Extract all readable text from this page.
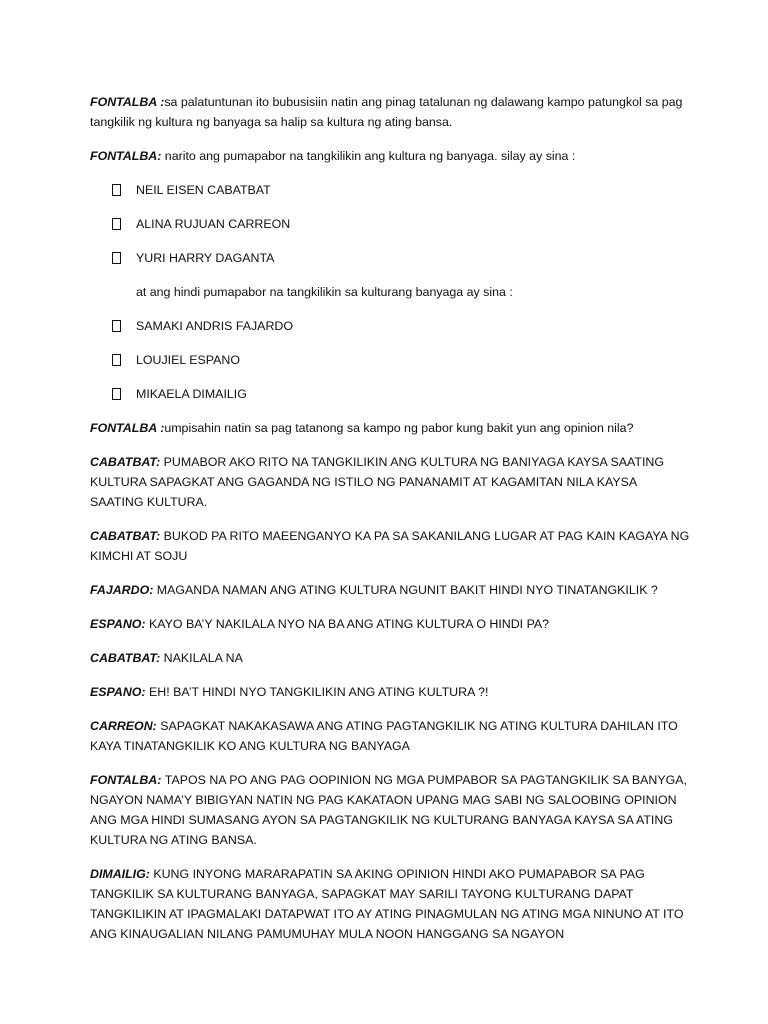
FONTALBA :sa palatuntunan ito bubusisiin natin ang pinag tatalunan ng dalawang kampo patungkol sa pag tangkilik ng kultura ng banyaga sa halip sa kultura ng ating bansa.

FONTALBA: narito ang pumapabor na tangkilikin ang kultura ng banyaga. silay ay sina :

NEIL EISEN CABATBAT
ALINA RUJUAN CARREON
YURI HARRY DAGANTA

at ang hindi pumapabor na tangkilikin sa kulturang banyaga ay sina :

SAMAKI ANDRIS FAJARDO
LOUJIEL ESPANO
MIKAELA DIMAILIG

FONTALBA :umpisahin natin sa pag tatanong sa kampo ng pabor kung bakit yun ang opinion nila?

CABATBAT: PUMABOR AKO RITO NA TANGKILIKIN ANG KULTURA NG BANIYAGA KAYSA SAATING KULTURA SAPAGKAT ANG GAGANDA NG ISTILO NG PANANAMIT AT KAGAMITAN NILA KAYSA SAATING KULTURA.

CABATBAT: BUKOD PA RITO MAEENGANYO KA PA SA SAKANILANG LUGAR AT PAG KAIN KAGAYA NG KIMCHI AT SOJU

FAJARDO: MAGANDA NAMAN ANG ATING KULTURA NGUNIT BAKIT HINDI NYO TINATANGKILIK ?

ESPANO: KAYO BA’Y NAKILALA NYO NA BA ANG ATING KULTURA O HINDI PA?

CABATBAT: NAKILALA NA

ESPANO: EH! BA’T HINDI NYO TANGKILIKIN ANG ATING KULTURA ?!

CARREON: SAPAGKAT NAKAKASAWA ANG ATING PAGTANGKILIK NG ATING KULTURA DAHILAN ITO KAYA TINATANGKILIK KO ANG KULTURA NG BANYAGA

FONTALBA: TAPOS NA PO ANG PAG OOPINION NG MGA PUMPABOR SA PAGTANGKILIK SA BANYGA, NGAYON NAMA’Y BIBIGYAN NATIN NG PAG KAKATAON UPANG MAG SABI NG SALOOBING OPINION ANG MGA HINDI SUMASANG AYON SA PAGTANGKILIK NG KULTURANG BANYAGA KAYSA SA ATING KULTURA NG ATING BANSA.

DIMAILIG: KUNG INYONG MARARAPATIN SA AKING OPINION HINDI AKO PUMAPABOR SA PAG TANGKILIK SA KULTURANG BANYAGA, SAPAGKAT MAY SARILI TAYONG KULTURANG DAPAT TANGKILIKIN AT IPAGMALAKI DATAPWAT ITO AY ATING PINAGMULAN NG ATING MGA NINUNO AT ITO ANG KINAUGALIAN NILANG PAMUMUHAY MULA NOON HANGGANG SA NGAYON
